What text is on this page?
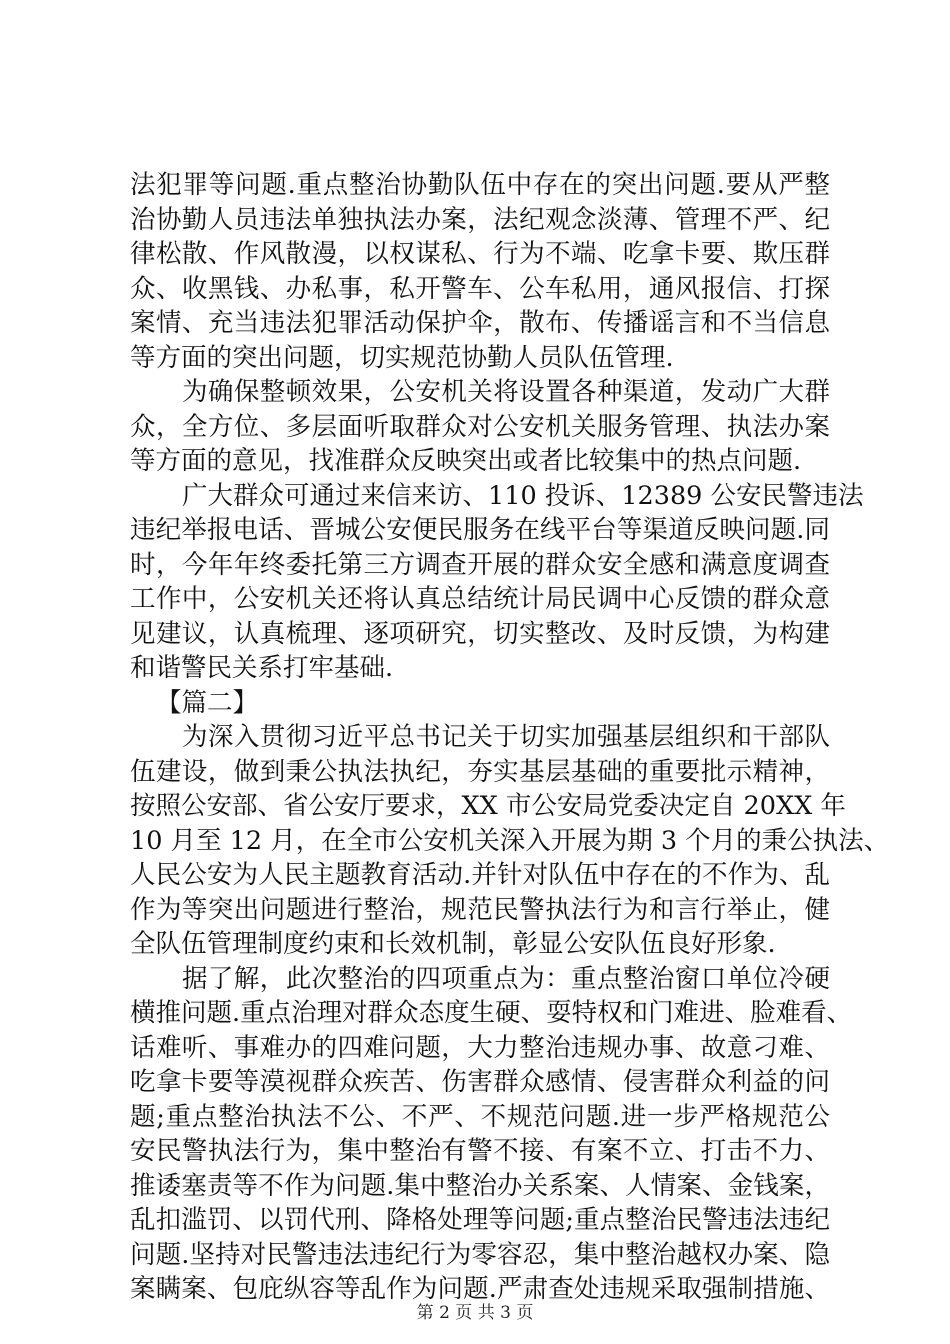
法犯罪等问题.重点整治协勤队伍中存在的突出问题.要从严整
治协勤人员违法单独执法办案，法纪观念淡薄、管理不严、纪
律松散、作风散漫，以权谋私、行为不端、吃拿卡要、欺压群
众、收黑钱、办私事，私开警车、公车私用，通风报信、打探
案情、充当违法犯罪活动保护伞，散布、传播谣言和不当信息
等方面的突出问题，切实规范协勤人员队伍管理.
为确保整顿效果，公安机关将设置各种渠道，发动广大群
众，全方位、多层面听取群众对公安机关服务管理、执法办案
等方面的意见，找准群众反映突出或者比较集中的热点问题.
广大群众可通过来信来访、110 投诉、12389 公安民警违法
违纪举报电话、晋城公安便民服务在线平台等渠道反映问题.同
时，今年年终委托第三方调查开展的群众安全感和满意度调查
工作中，公安机关还将认真总结统计局民调中心反馈的群众意
见建议，认真梳理、逐项研究，切实整改、及时反馈，为构建
和谐警民关系打牢基础.
【篇二】
为深入贯彻习近平总书记关于切实加强基层组织和干部队
伍建设，做到秉公执法执纪，夯实基层基础的重要批示精神，
按照公安部、省公安厅要求，XX 市公安局党委决定自 20XX 年
10 月至 12 月，在全市公安机关深入开展为期 3 个月的秉公执法、
人民公安为人民主题教育活动.并针对队伍中存在的不作为、乱
作为等突出问题进行整治，规范民警执法行为和言行举止，健
全队伍管理制度约束和长效机制，彰显公安队伍良好形象.
据了解，此次整治的四项重点为：重点整治窗口单位冷硬
横推问题.重点治理对群众态度生硬、耍特权和门难进、脸难看、
话难听、事难办的四难问题，大力整治违规办事、故意刁难、
吃拿卡要等漠视群众疾苦、伤害群众感情、侵害群众利益的问
题;重点整治执法不公、不严、不规范问题.进一步严格规范公
安民警执法行为，集中整治有警不接、有案不立、打击不力、
推诿塞责等不作为问题.集中整治办关系案、人情案、金钱案，
乱扣滥罚、以罚代刑、降格处理等问题;重点整治民警违法违纪
问题.坚持对民警违法违纪行为零容忍，集中整治越权办案、隐
案瞒案、包庇纵容等乱作为问题.严肃查处违规采取强制措施、
第 2 页 共 3 页
